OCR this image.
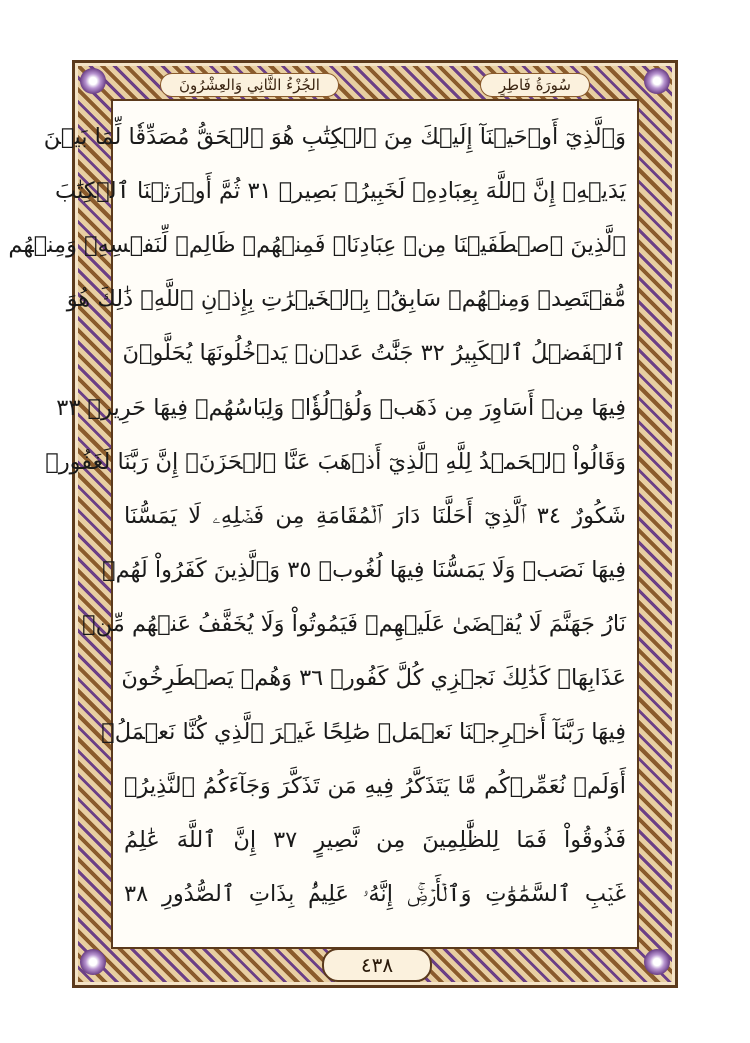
الجُزْءُ الثَّانِي وَالعِشْرُونَ	سُورَةُ فَاطِرٍ
وَٱلَّذِيٓ أَوۡحَيۡنَآ إِلَيۡكَ مِنَ ٱلۡكِتَٰبِ هُوَ ٱلۡحَقُّ مُصَدِّقٗا لِّمَا بَيۡنَ
يَدَيۡهِۗ إِنَّ ٱللَّهَ بِعِبَادِهِۦ لَخَبِيرُۢ بَصِيرٞ ٣١ ثُمَّ أَوۡرَثۡنَا ٱلۡكِتَٰبَ
ٱلَّذِينَ ٱصۡطَفَيۡنَا مِنۡ عِبَادِنَاۖ فَمِنۡهُمۡ ظَالِمٞ لِّنَفۡسِهِۦ وَمِنۡهُم
مُّقۡتَصِدٞ وَمِنۡهُمۡ سَابِقُۢ بِٱلۡخَيۡرَٰتِ بِإِذۡنِ ٱللَّهِۚ ذَٰلِكَ هُوَ
ٱلۡفَضۡلُ ٱلۡكَبِيرُ ٣٢ جَنَّٰتُ عَدۡنٖ يَدۡخُلُونَهَا يُحَلَّوۡنَ
فِيهَا مِنۡ أَسَاوِرَ مِن ذَهَبٖ وَلُؤۡلُؤٗاۖ وَلِبَاسُهُمۡ فِيهَا حَرِيرٞ ٣٣
وَقَالُواْ ٱلۡحَمۡدُ لِلَّهِ ٱلَّذِيٓ أَذۡهَبَ عَنَّا ٱلۡحَزَنَۖ إِنَّ رَبَّنَا لَغَفُورٞ
شَكُورٌ ٣٤ ٱلَّذِيٓ أَحَلَّنَا دَارَ ٱلۡمُقَامَةِ مِن فَضۡلِهِۦ لَا يَمَسُّنَا
فِيهَا نَصَبٞ وَلَا يَمَسُّنَا فِيهَا لُغُوبٞ ٣٥ وَٱلَّذِينَ كَفَرُواْ لَهُمۡ
نَارُ جَهَنَّمَ لَا يُقۡضَىٰ عَلَيۡهِمۡ فَيَمُوتُواْ وَلَا يُخَفَّفُ عَنۡهُم مِّنۡ
عَذَابِهَاۚ كَذَٰلِكَ نَجۡزِي كُلَّ كَفُورٖ ٣٦ وَهُمۡ يَصۡطَرِخُونَ
فِيهَا رَبَّنَآ أَخۡرِجۡنَا نَعۡمَلۡ صَٰلِحًا غَيۡرَ ٱلَّذِي كُنَّا نَعۡمَلُۚ
أَوَلَمۡ نُعَمِّرۡكُم مَّا يَتَذَكَّرُ فِيهِ مَن تَذَكَّرَ وَجَآءَكُمُ ٱلنَّذِيرُۖ
فَذُوقُواْ فَمَا لِلظَّٰلِمِينَ مِن نَّصِيرٍ ٣٧ إِنَّ ٱللَّهَ عَٰلِمُ
غَيۡبِ ٱلسَّمَٰوَٰتِ وَٱلۡأَرۡضِۚ إِنَّهُۥ عَلِيمُۢ بِذَاتِ ٱلصُّدُورِ ٣٨
٤٣٨
